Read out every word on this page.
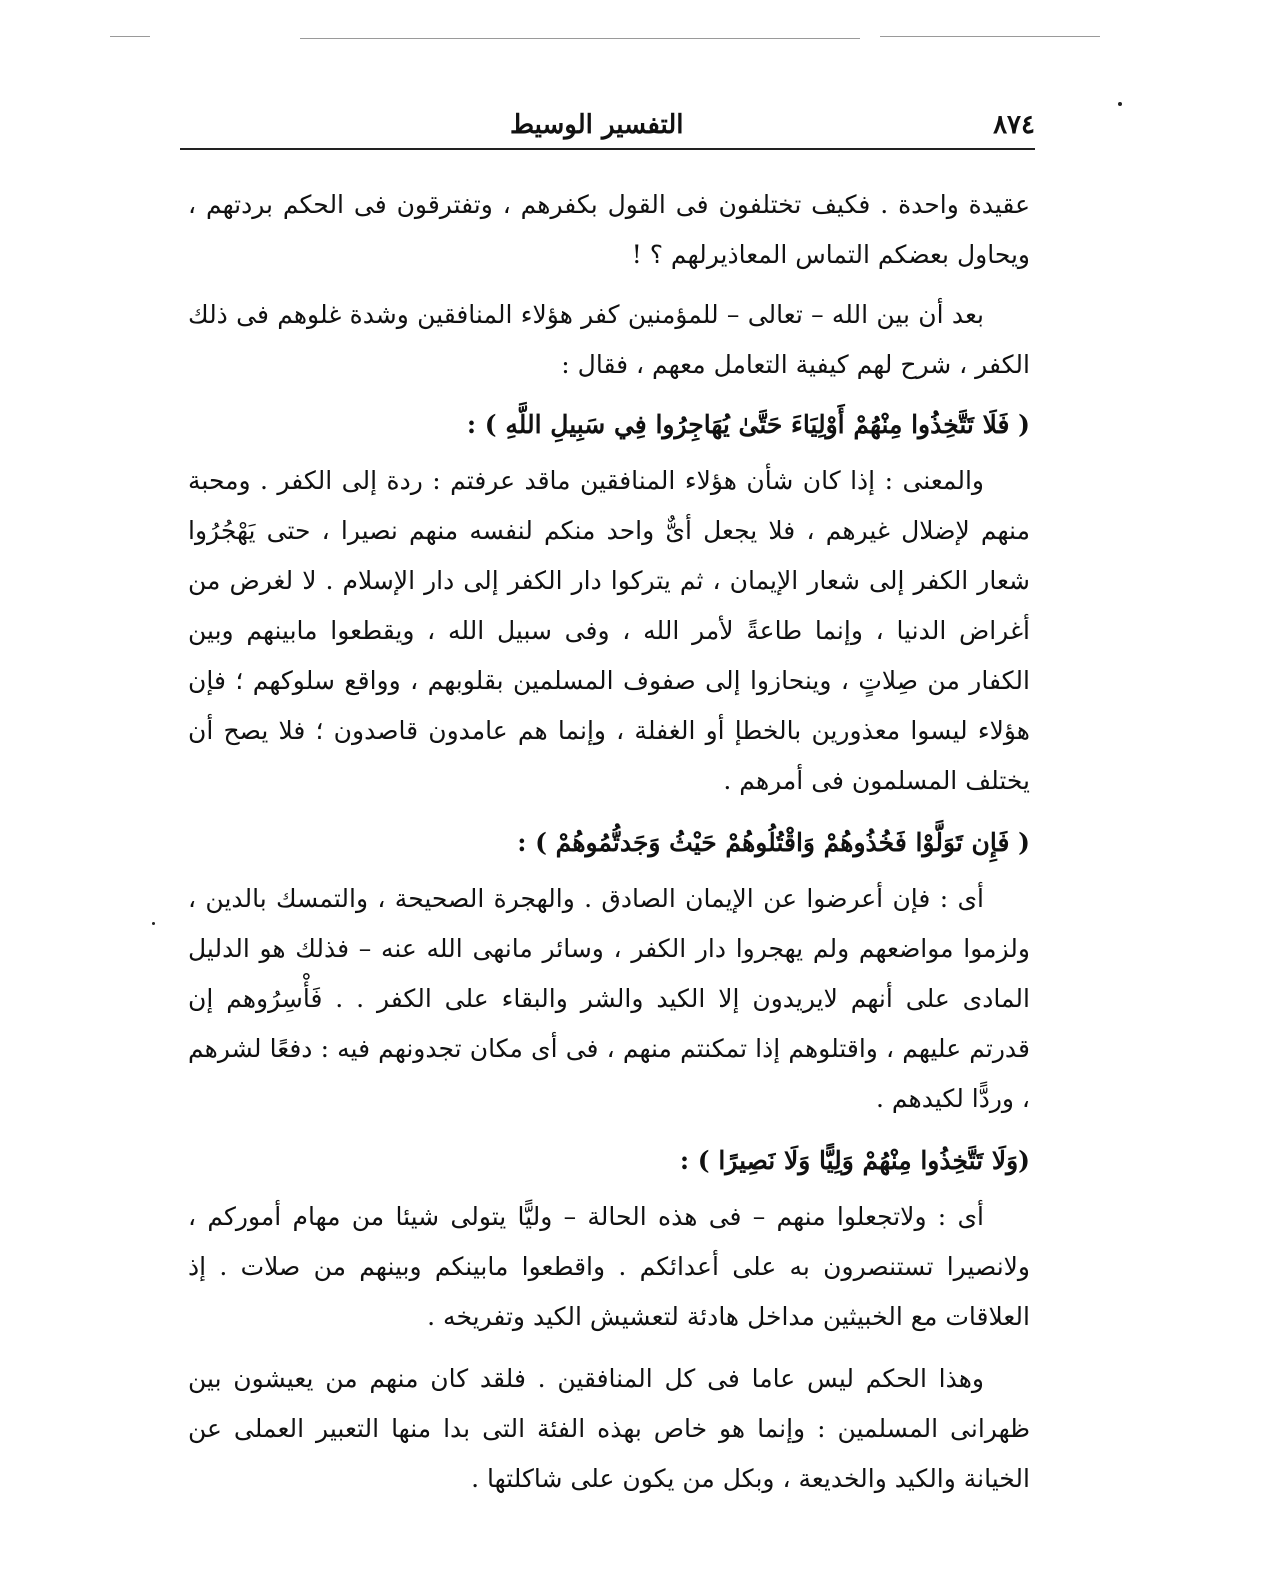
٨٧٤
التفسير الوسيط

عقيدة واحدة . فكيف تختلفون فى القول بكفرهم ، وتفترقون فى الحكم بردتهم ، ويحاول بعضكم التماس المعاذيرلهم ؟ !

بعد أن بين الله – تعالى – للمؤمنين كفر هؤلاء المنافقين وشدة غلوهم فى ذلك الكفر ، شرح لهم كيفية التعامل معهم ، فقال :

( فَلَا تَتَّخِذُوا مِنْهُمْ أَوْلِيَاءَ حَتَّىٰ يُهَاجِرُوا فِي سَبِيلِ اللَّهِ ) :

والمعنى : إذا كان شأن هؤلاء المنافقين ماقد عرفتم : ردة إلى الكفر . ومحبة منهم لإضلال غيرهم ، فلا يجعل أىٌّ واحد منكم لنفسه منهم نصيرا ، حتى يَهْجُرُوا شعار الكفر إلى شعار الإيمان ، ثم يتركوا دار الكفر إلى دار الإسلام . لا لغرض من أغراض الدنيا ، وإنما طاعةً لأمر الله ، وفى سبيل الله ، ويقطعوا مابينهم وبين الكفار من صِلاتٍ ، وينحازوا إلى صفوف المسلمين بقلوبهم ، وواقع سلوكهم ؛ فإن هؤلاء ليسوا معذورين بالخطإ أو الغفلة ، وإنما هم عامدون قاصدون ؛ فلا يصح أن يختلف المسلمون فى أمرهم .

( فَإِن تَوَلَّوْا فَخُذُوهُمْ وَاقْتُلُوهُمْ حَيْثُ وَجَدتُّمُوهُمْ ) :

أى : فإن أعرضوا عن الإيمان الصادق . والهجرة الصحيحة ، والتمسك بالدين ، ولزموا مواضعهم ولم يهجروا دار الكفر ، وسائر مانهى الله عنه – فذلك هو الدليل المادى على أنهم لايريدون إلا الكيد والشر والبقاء على الكفر . . فَأْسِرُوهم إن قدرتم عليهم ، واقتلوهم إذا تمكنتم منهم ، فى أى مكان تجدونهم فيه : دفعًا لشرهم ، وردًّا لكيدهم .

(وَلَا تَتَّخِذُوا مِنْهُمْ وَلِيًّا وَلَا نَصِيرًا ) :

أى : ولاتجعلوا منهم – فى هذه الحالة – وليًّا يتولى شيئا من مهام أموركم ، ولانصيرا تستنصرون به على أعدائكم . واقطعوا مابينكم وبينهم من صلات . إذ العلاقات مع الخبيثين مداخل هادئة لتعشيش الكيد وتفريخه .

وهذا الحكم ليس عاما فى كل المنافقين . فلقد كان منهم من يعيشون بين ظهرانى المسلمين : وإنما هو خاص بهذه الفئة التى بدا منها التعبير العملى عن الخيانة والكيد والخديعة ، وبكل من يكون على شاكلتها .
